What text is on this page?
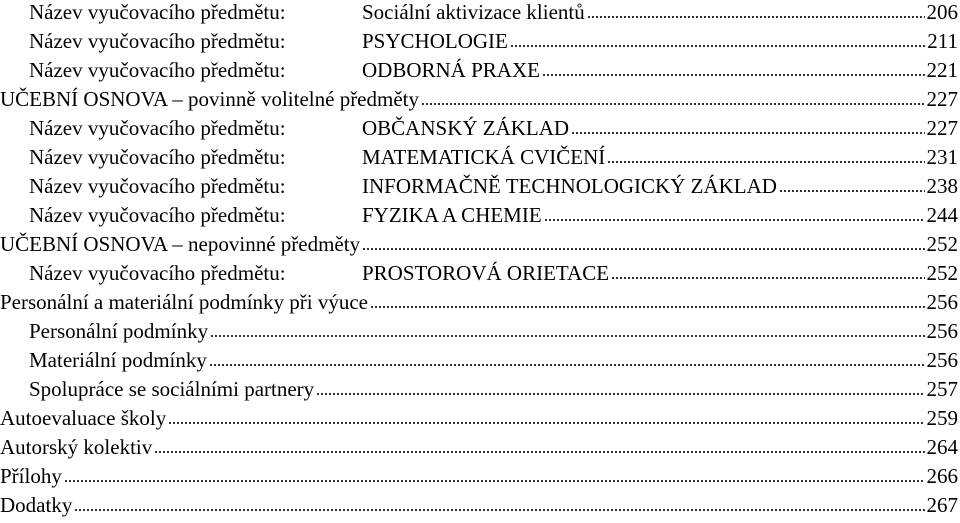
Název vyučovacího předmětu:	Sociální aktivizace klientů	206
Název vyučovacího předmětu:	PSYCHOLOGIE	211
Název vyučovacího předmětu:	ODBORNÁ PRAXE	221
UČEBNÍ OSNOVA – povinně volitelné předměty	227
Název vyučovacího předmětu:	OBČANSKÝ ZÁKLAD	227
Název vyučovacího předmětu:	MATEMATICKÁ CVIČENÍ	231
Název vyučovacího předmětu:	INFORMAČNĚ TECHNOLOGICKÝ ZÁKLAD	238
Název vyučovacího předmětu:	FYZIKA A CHEMIE	244
UČEBNÍ OSNOVA – nepovinné předměty	252
Název vyučovacího předmětu:	PROSTOROVÁ ORIETACE	252
Personální a materiální podmínky při výuce	256
Personální podmínky	256
Materiální podmínky	256
Spolupráce se sociálními partnery	257
Autoevaluace školy	259
Autorský kolektiv	264
Přílohy	266
Dodatky	267
